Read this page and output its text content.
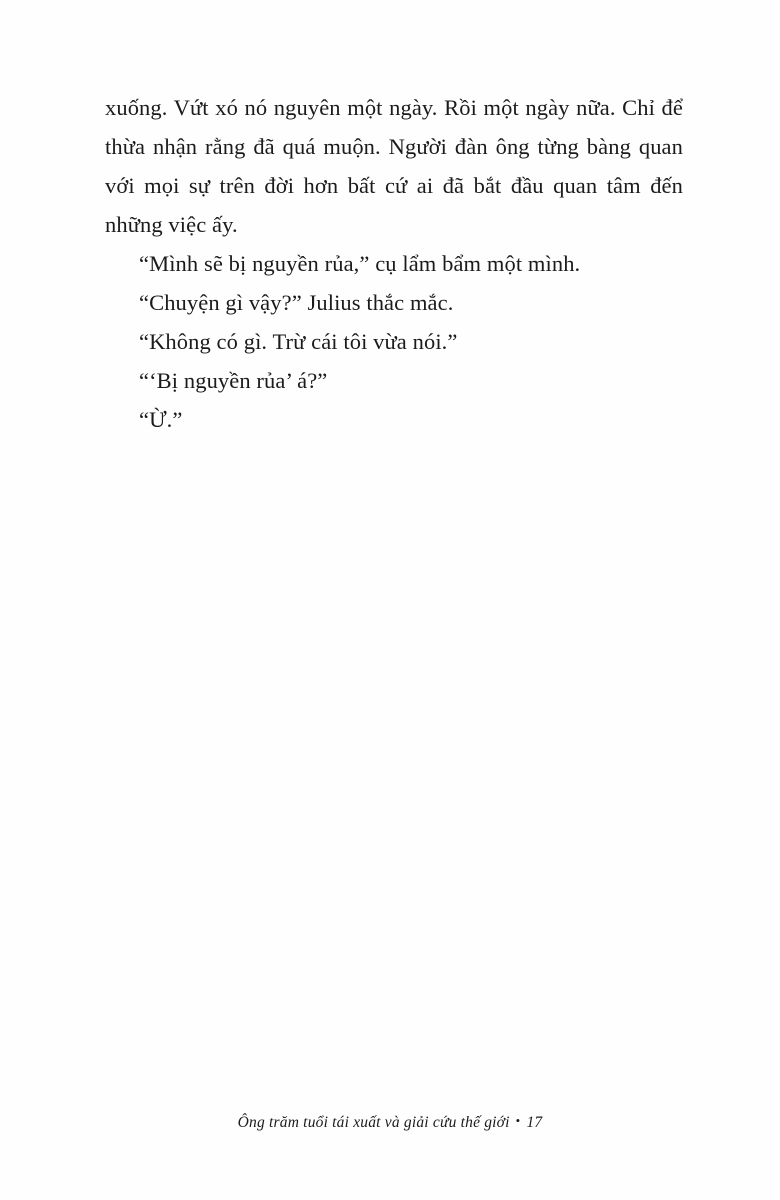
xuống. Vứt xó nó nguyên một ngày. Rồi một ngày nữa. Chỉ để thừa nhận rằng đã quá muộn. Người đàn ông từng bàng quan với mọi sự trên đời hơn bất cứ ai đã bắt đầu quan tâm đến những việc ấy.

“Mình sẽ bị nguyền rủa,” cụ lẩm bẩm một mình.

“Chuyện gì vậy?” Julius thắc mắc.

“Không có gì. Trừ cái tôi vừa nói.”

“‘Bị nguyền rủa’ á?”

“Ừ.”

Ông trăm tuổi tái xuất và giải cứu thế giới • 17
